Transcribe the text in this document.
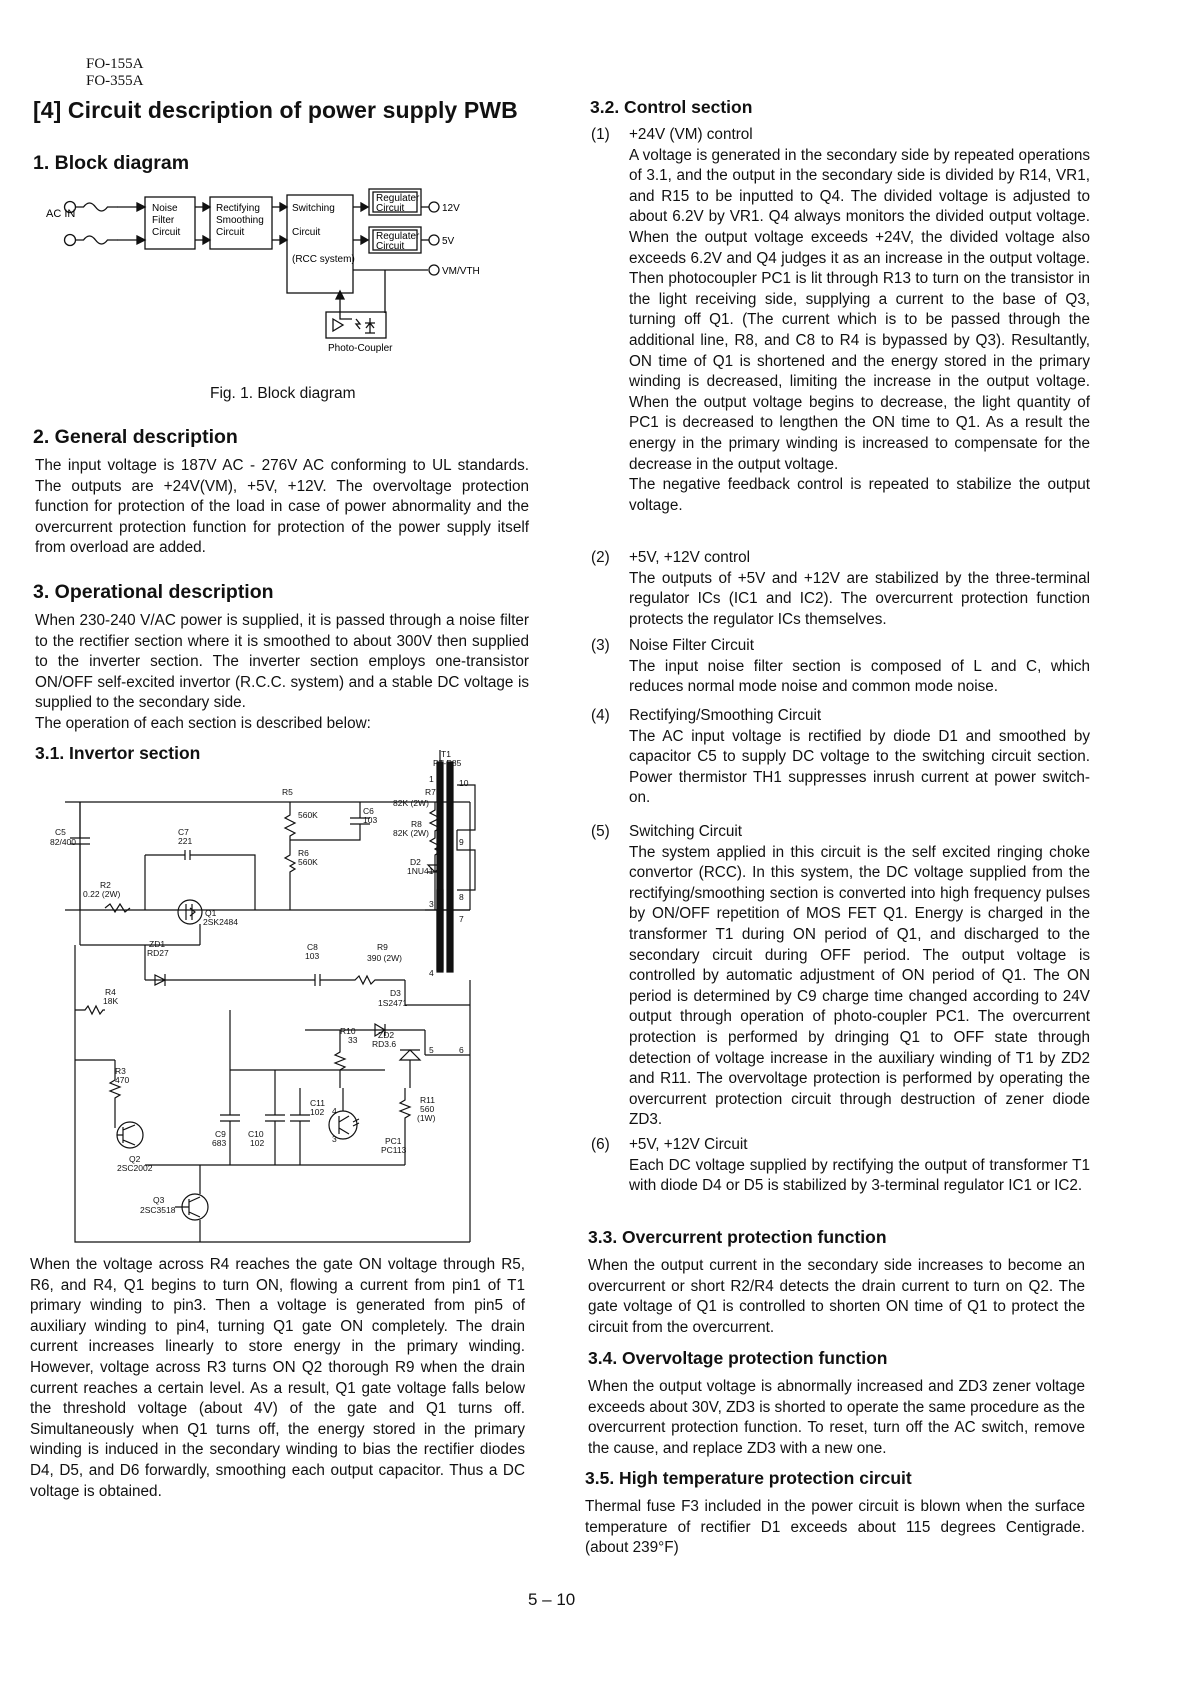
FO-155A
FO-355A
[4] Circuit description of power supply PWB
1. Block diagram
AC IN	Noise
Filter
Circuit
Rectifying
Smoothing
Circuit
Switching
Circuit
(RCC system)
Regulater
Circuit
Regulater
Circuit
12V
5V
VM/VTH
Photo-Coupler
Fig. 1. Block diagram
2. General description
The input voltage is 187V AC - 276V AC conforming to UL standards. The outputs are +24V(VM), +5V, +12V. The overvoltage protection function for protection of the load in case of power abnormality and the overcurrent protection function for protection of the power supply itself from overload are added.
3. Operational description

When 230-240 V/AC power is supplied, it is passed through a noise filter to the rectifier section where it is smoothed to about 300V then supplied to the inverter section. The inverter section employs one-transistor ON/OFF self-excited invertor (R.C.C. system) and a stable DC voltage is supplied to the secondary side.

The operation of each section is described below:

3.1. Invertor section	T1
PT-P85
C5
82/400
C7
221
R2
0.22 (2W)
R5
560K
R6
560K
C6
103
R7
82K (2W)
R8
82K (2W)
D2
1NU41
Q1
2SK2484
ZD1
RD27
C8
103
R9
390 (2W)
R4
18K
D3
1S2471
R10
33 ZD2
RD3.6
R3
470
C11
102
R11
560
(1W)
C9
683
C10
102	PC1
PC113
Q2
2SC2002
Q3
2SC3518
1
3
4
5	6
7
8
9
10
4
3
When the voltage across R4 reaches the gate ON voltage through R5, R6, and R4, Q1 begins to turn ON, flowing a current from pin1 of T1 primary winding to pin3. Then a voltage is generated from pin5 of auxiliary winding to pin4, turning Q1 gate ON completely. The drain current increases linearly to store energy in the primary winding. However, voltage across R3 turns ON Q2 thorough R9 when the drain current reaches a certain level. As a result, Q1 gate voltage falls below the threshold voltage (about 4V) of the gate and Q1 turns off. Simultaneously when Q1 turns off, the energy stored in the primary winding is induced in the secondary winding to bias the rectifier diodes D4, D5, and D6 forwardly, smoothing each output capacitor. Thus a DC voltage is obtained.
3.2. Control section
(1) +24V (VM) control
A voltage is generated in the secondary side by repeated operations of 3.1, and the output in the secondary side is divided by R14, VR1, and R15 to be inputted to Q4. The divided voltage is adjusted to about 6.2V by VR1. Q4 always monitors the divided output voltage. When the output voltage exceeds +24V, the divided voltage also exceeds 6.2V and Q4 judges it as an increase in the output voltage. Then photocoupler PC1 is lit through R13 to turn on the transistor in the light receiving side, supplying a current to the base of Q3, turning off Q1. (The current which is to be passed through the additional line, R8, and C8 to R4 is bypassed by Q3). Resultantly, ON time of Q1 is shortened and the energy stored in the primary winding is decreased, limiting the increase in the output voltage. When the output voltage begins to decrease, the light quantity of PC1 is decreased to lengthen the ON time to Q1. As a result the energy in the primary winding is increased to compensate for the decrease in the output voltage.
The negative feedback control is repeated to stabilize the output voltage.
(2) +5V, +12V control
The outputs of +5V and +12V are stabilized by the three-terminal regulator ICs (IC1 and IC2). The overcurrent protection function protects the regulator ICs themselves.
(3) Noise Filter Circuit
The input noise filter section is composed of L and C, which reduces normal mode noise and common mode noise.
(4) Rectifying/Smoothing Circuit
The AC input voltage is rectified by diode D1 and smoothed by capacitor C5 to supply DC voltage to the switching circuit section. Power thermistor TH1 suppresses inrush current at power switch-on.
(5) Switching Circuit
The system applied in this circuit is the self excited ringing choke convertor (RCC). In this system, the DC voltage supplied from the rectifying/smoothing section is converted into high frequency pulses by ON/OFF repetition of MOS FET Q1. Energy is charged in the transformer T1 during ON period of Q1, and discharged to the secondary circuit during OFF period. The output voltage is controlled by automatic adjustment of ON period of Q1. The ON period is determined by C9 charge time changed according to 24V output through operation of photo-coupler PC1. The overcurrent protection is performed by dringing Q1 to OFF state through detection of voltage increase in the auxiliary winding of T1 by ZD2 and R11. The overvoltage protection is performed by operating the overcurrent protection circuit through destruction of zener diode ZD3.
(6) +5V, +12V Circuit
Each DC voltage supplied by rectifying the output of transformer T1 with diode D4 or D5 is stabilized by 3-terminal regulator IC1 or IC2.
3.3. Overcurrent protection function
When the output current in the secondary side increases to become an overcurrent or short R2/R4 detects the drain current to turn on Q2. The gate voltage of Q1 is controlled to shorten ON time of Q1 to protect the circuit from the overcurrent.
3.4. Overvoltage protection function
When the output voltage is abnormally increased and ZD3 zener voltage exceeds about 30V, ZD3 is shorted to operate the same procedure as the overcurrent protection function. To reset, turn off the AC switch, remove the cause, and replace ZD3 with a new one.
3.5. High temperature protection circuit
Thermal fuse F3 included in the power circuit is blown when the surface temperature of rectifier D1 exceeds about 115 degrees Centigrade. (about 239°F)
5 – 10
